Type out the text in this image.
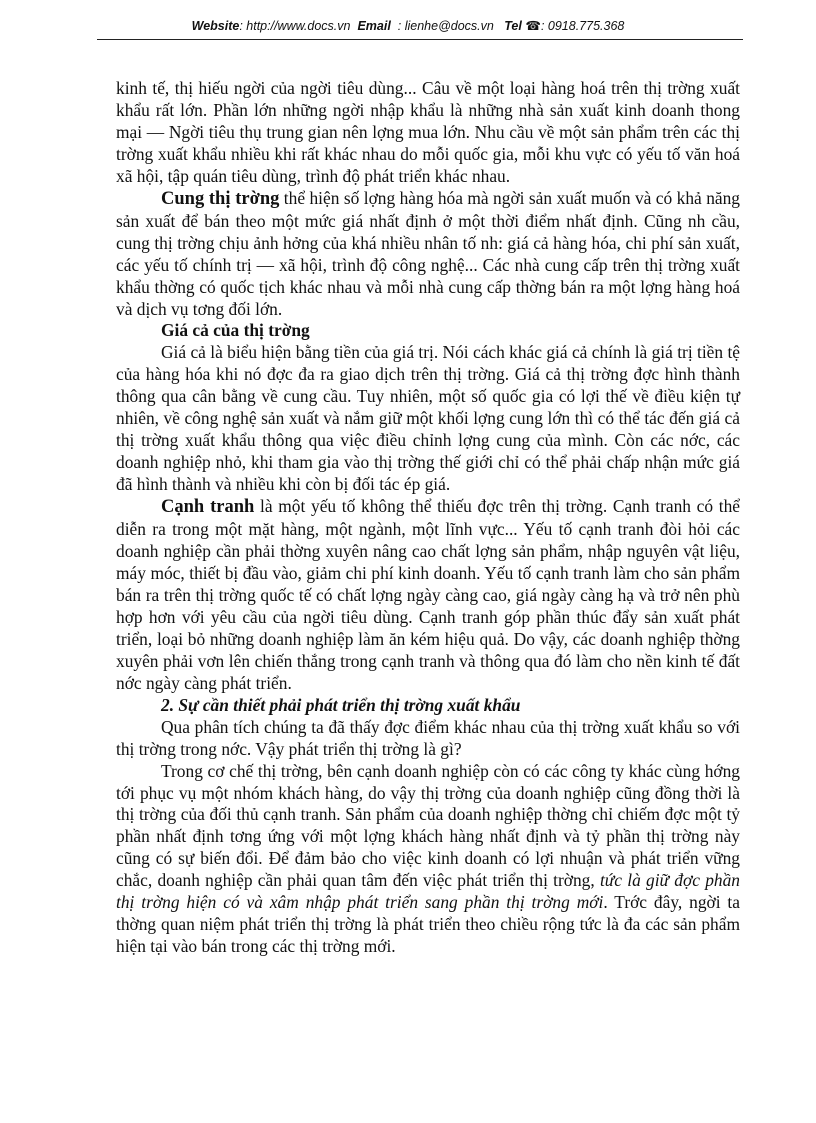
Website: http://www.docs.vn Email : lienhe@docs.vn Tel ☎: 0918.775.368

kinh tế, thị hiếu ngời của ngời tiêu dùng... Câu về một loại hàng hoá trên thị trờng xuất khẩu rất lớn. Phần lớn những ngời nhập khẩu là những nhà sản xuất kinh doanh thong mại — Ngời tiêu thụ trung gian nên lợng mua lớn. Nhu cầu về một sản phẩm trên các thị trờng xuất khẩu nhiều khi rất khác nhau do mỗi quốc gia, mỗi khu vực có yếu tố văn hoá xã hội, tập quán tiêu dùng, trình độ phát triển khác nhau.

Cung thị trờng thể hiện số lợng hàng hóa mà ngời sản xuất muốn và có khả năng sản xuất để bán theo một mức giá nhất định ở một thời điểm nhất định. Cũng nh cầu, cung thị trờng chịu ảnh hởng của khá nhiều nhân tố nh: giá cả hàng hóa, chi phí sản xuất, các yếu tố chính trị — xã hội, trình độ công nghệ... Các nhà cung cấp trên thị trờng xuất khẩu thờng có quốc tịch khác nhau và mỗi nhà cung cấp thờng bán ra một lợng hàng hoá và dịch vụ tơng đối lớn.

Giá cả của thị trờng

Giá cả là biểu hiện bằng tiền của giá trị. Nói cách khác giá cả chính là giá trị tiền tệ của hàng hóa khi nó đợc đa ra giao dịch trên thị trờng. Giá cả thị trờng đợc hình thành thông qua cân bằng về cung cầu. Tuy nhiên, một số quốc gia có lợi thế về điều kiện tự nhiên, về công nghệ sản xuất và nắm giữ một khối lợng cung lớn thì có thể tác đến giá cả thị trờng xuất khẩu thông qua việc điều chỉnh lợng cung của mình. Còn các nớc, các doanh nghiệp nhỏ, khi tham gia vào thị trờng thế giới chỉ có thể phải chấp nhận mức giá đã hình thành và nhiều khi còn bị đối tác ép giá.

Cạnh tranh là một yếu tố không thể thiếu đợc trên thị trờng. Cạnh tranh có thể diễn ra trong một mặt hàng, một ngành, một lĩnh vực... Yếu tố cạnh tranh đòi hỏi các doanh nghiệp cần phải thờng xuyên nâng cao chất lợng sản phẩm, nhập nguyên vật liệu, máy móc, thiết bị đầu vào, giảm chi phí kinh doanh. Yếu tố cạnh tranh làm cho sản phẩm bán ra trên thị trờng quốc tế có chất lợng ngày càng cao, giá ngày càng hạ và trở nên phù hợp hơn với yêu cầu của ngời tiêu dùng. Cạnh tranh góp phần thúc đẩy sản xuất phát triển, loại bỏ những doanh nghiệp làm ăn kém hiệu quả. Do vậy, các doanh nghiệp thờng xuyên phải vơn lên chiến thắng trong cạnh tranh và thông qua đó làm cho nền kinh tế đất nớc ngày càng phát triển.

2. Sự cần thiết phải phát triển thị trờng xuất khẩu

Qua phân tích chúng ta đã thấy đợc điểm khác nhau của thị trờng xuất khẩu so với thị trờng trong nớc. Vậy phát triển thị trờng là gì?

Trong cơ chế thị trờng, bên cạnh doanh nghiệp còn có các công ty khác cùng hớng tới phục vụ một nhóm khách hàng, do vậy thị trờng của doanh nghiệp cũng đồng thời là thị trờng của đối thủ cạnh tranh. Sản phẩm của doanh nghiệp thờng chỉ chiếm đợc một tỷ phần nhất định tơng ứng với một lợng khách hàng nhất định và tỷ phần thị trờng này cũng có sự biến đổi. Để đảm bảo cho việc kinh doanh có lợi nhuận và phát triển vững chắc, doanh nghiệp cần phải quan tâm đến việc phát triển thị trờng, tức là giữ đợc phần thị trờng hiện có và xâm nhập phát triển sang phần thị trờng mới. Trớc đây, ngời ta thờng quan niệm phát triển thị trờng là phát triển theo chiều rộng tức là đa các sản phẩm hiện tại vào bán trong các thị trờng mới.
